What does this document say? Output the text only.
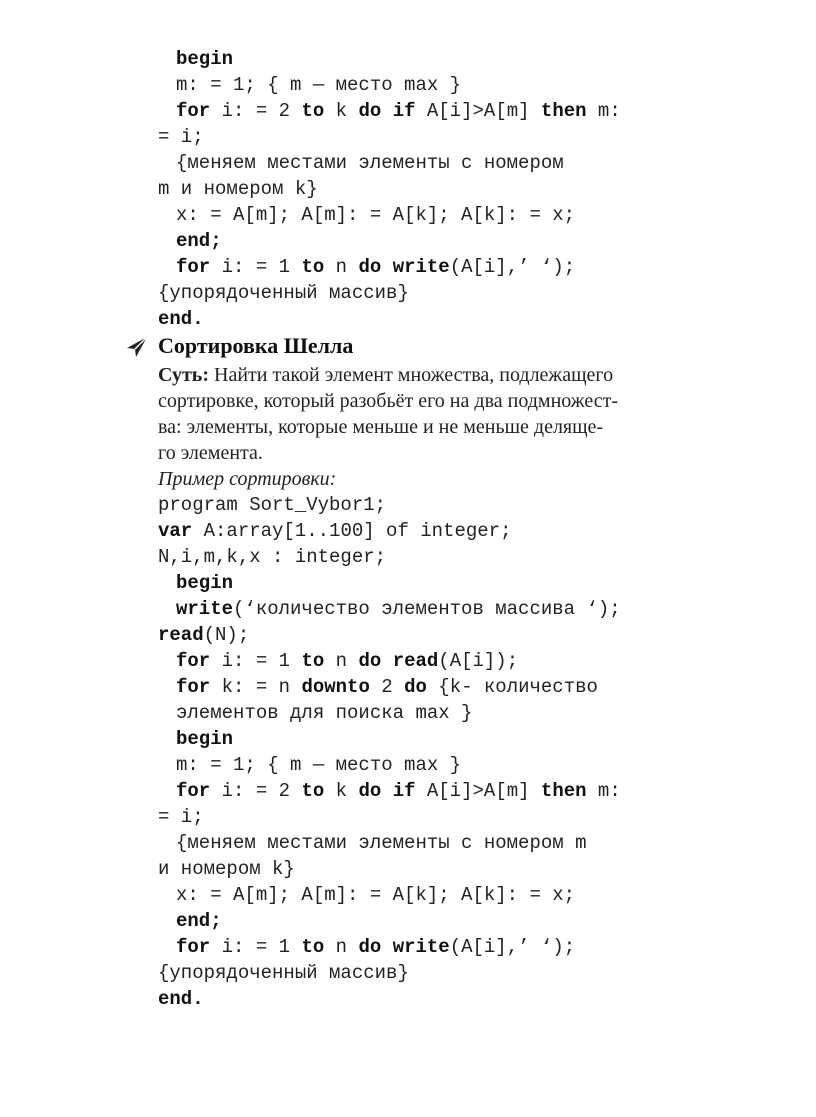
begin
m: = 1; { m — место max }
for i: = 2 to k do if A[i]>A[m] then m:
= i;
{меняем местами элементы с номером
m и номером k}
x: = A[m]; A[m]: = A[k]; A[k]: = x;
end;
for i: = 1 to n do write(A[i],’ ‘);
{упорядоченный массив}
end.
Сортировка Шелла
Суть: Найти такой элемент множества, подлежащего
сортировке, который разобьёт его на два подмножест-
ва: элементы, которые меньше и не меньше деляще-
го элемента.
Пример сортировки:
program Sort_Vybor1;
var A:array[1..100] of integer;
N,i,m,k,x : integer;
begin
write(‘количество элементов массива ‘);
read(N);
for i: = 1 to n do read(A[i]);
for k: = n downto 2 do {k- количество
элементов для поиска max }
begin
m: = 1; { m — место max }
for i: = 2 to k do if A[i]>A[m] then m:
= i;
{меняем местами элементы с номером m
и номером k}
x: = A[m]; A[m]: = A[k]; A[k]: = x;
end;
for i: = 1 to n do write(A[i],’ ‘);
{упорядоченный массив}
end.
